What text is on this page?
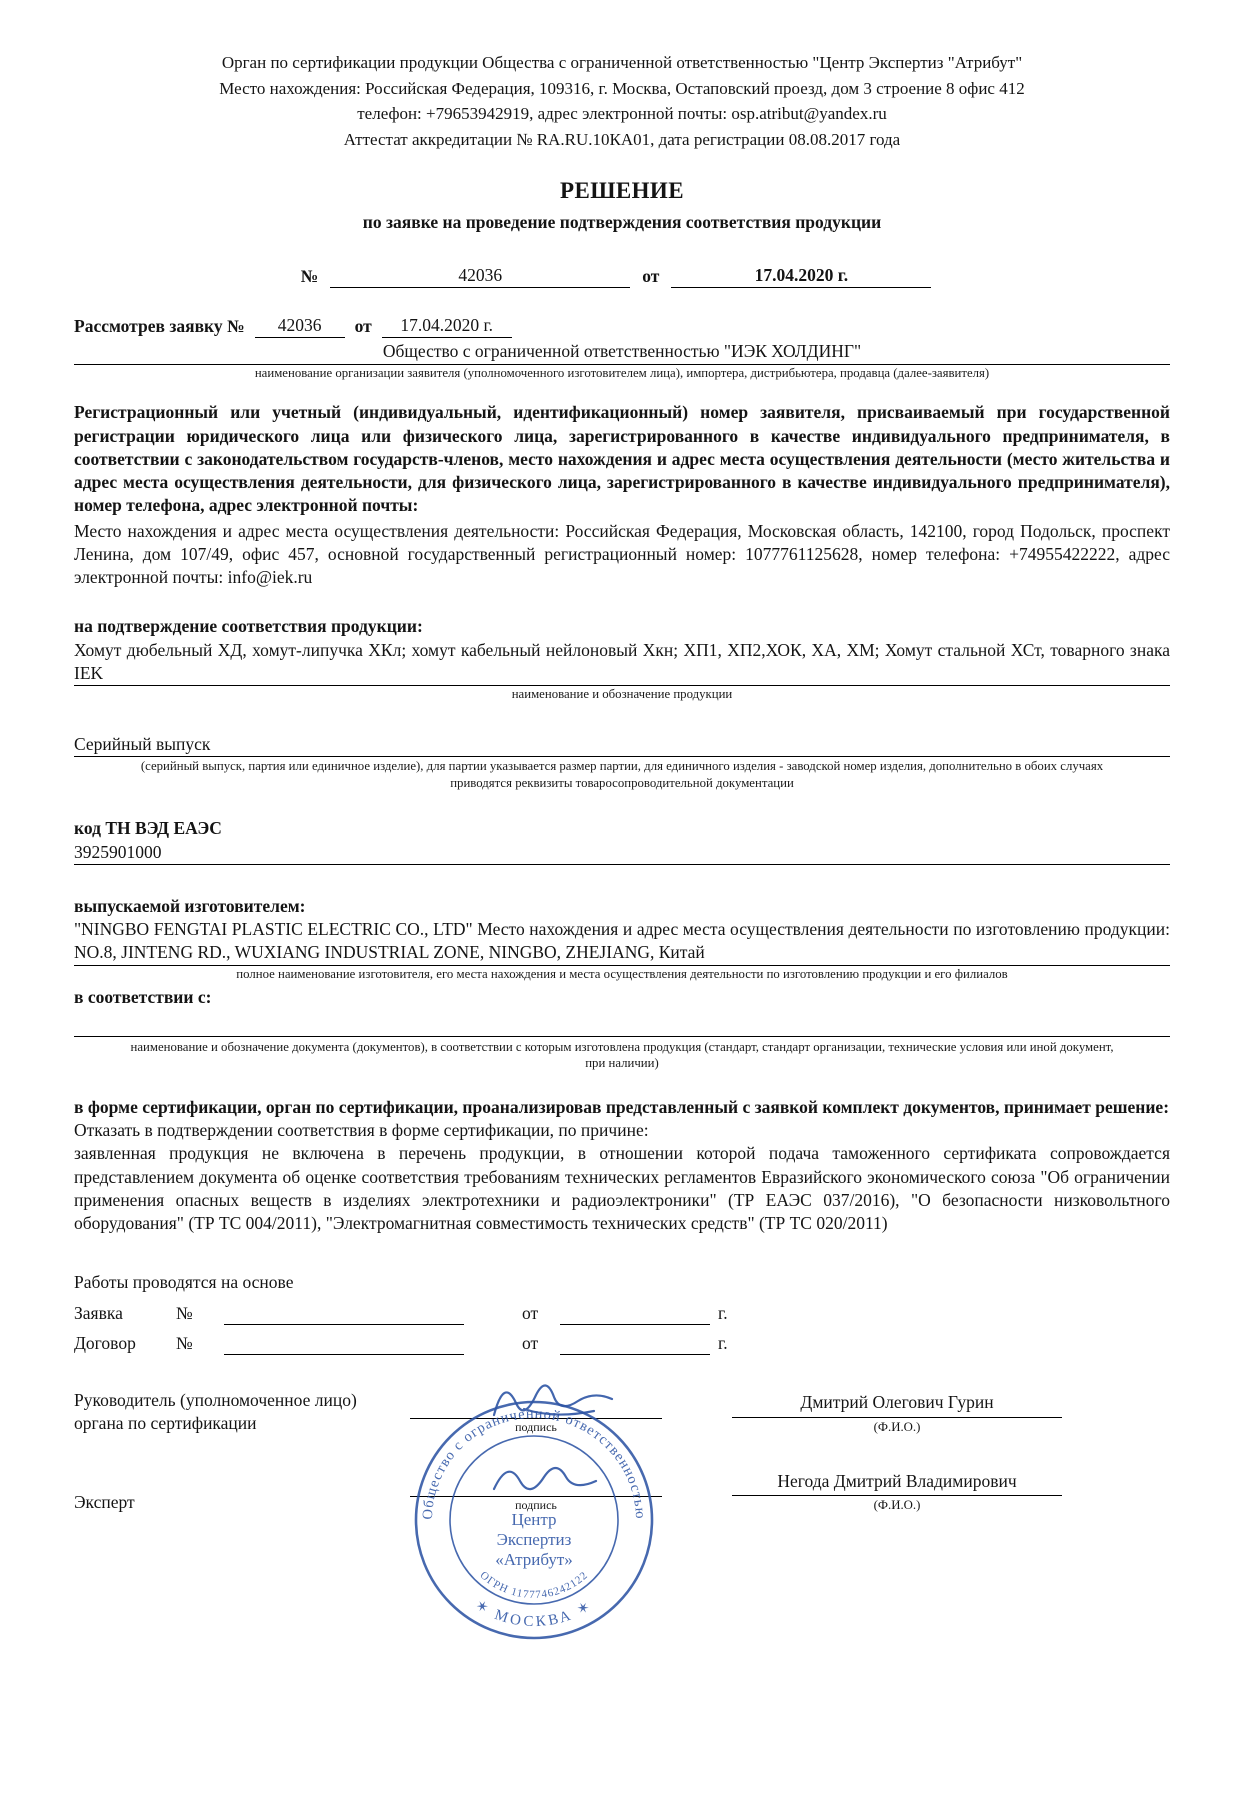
Орган по сертификации продукции Общества с ограниченной ответственностью "Центр Экспертиз "Атрибут"
Место нахождения: Российская Федерация, 109316, г. Москва, Остаповский проезд, дом 3 строение 8 офис 412
телефон: +79653942919, адрес электронной почты: osp.atribut@yandex.ru
Аттестат аккредитации № RA.RU.10КА01, дата регистрации 08.08.2017 года
РЕШЕНИЕ
по заявке на проведение подтверждения соответствия продукции
№	42036	от	17.04.2020 г.
Рассмотрев заявку №	42036	от	17.04.2020 г.
Общество с ограниченной ответственностью "ИЭК ХОЛДИНГ"
наименование организации заявителя (уполномоченного изготовителем лица), импортера, дистрибьютера, продавца (далее-заявителя)

Регистрационный или учетный (индивидуальный, идентификационный) номер заявителя, присваиваемый при государственной регистрации юридического лица или физического лица, зарегистрированного в качестве индивидуального предпринимателя, в соответствии с законодательством государств-членов, место нахождения и адрес места осуществления деятельности (место жительства и адрес места осуществления деятельности, для физического лица, зарегистрированного в качестве индивидуального предпринимателя), номер телефона, адрес электронной почты:

Место нахождения и адрес места осуществления деятельности: Российская Федерация, Московская область, 142100, город Подольск, проспект Ленина, дом 107/49, офис 457, основной государственный регистрационный номер: 1077761125628, номер телефона: +74955422222, адрес электронной почты: info@iek.ru

на подтверждение соответствия продукции:
Хомут дюбельный ХД, хомут-липучка ХКл; хомут кабельный нейлоновый Хкн; ХП1, ХП2,ХОК, ХА, ХМ; Хомут стальной ХСт, товарного знака IEK
наименование и обозначение продукции
Серийный выпуск
(серийный выпуск, партия или единичное изделие), для партии указывается размер партии, для единичного изделия - заводской номер изделия, дополнительно в обоих случаях приводятся реквизиты товаросопроводительной документации
код ТН ВЭД ЕАЭС
3925901000
выпускаемой изготовителем:
"NINGBO FENGTAI PLASTIC ELECTRIC CO., LTD" Место нахождения и адрес места осуществления деятельности по изготовлению продукции: NO.8, JINTENG RD., WUXIANG INDUSTRIAL ZONE, NINGBO, ZHEJIANG, Китай
полное наименование изготовителя, его места нахождения и места осуществления деятельности по изготовлению продукции и его филиалов
в соответствии с:
наименование и обозначение документа (документов), в соответствии с которым изготовлена продукция (стандарт, стандарт организации, технические условия или иной документ, при наличии)

в форме сертификации, орган по сертификации, проанализировав представленный с заявкой комплект документов, принимает решение:

Отказать в подтверждении соответствия в форме сертификации, по причине:

заявленная продукция не включена в перечень продукции, в отношении которой подача таможенного сертификата сопровождается представлением документа об оценке соответствия требованиям технических регламентов Евразийского экономического союза "Об ограничении применения опасных веществ в изделиях электротехники и радиоэлектроники" (ТР ЕАЭС 037/2016), "О безопасности низковольтного оборудования" (ТР ТС 004/2011), "Электромагнитная совместимость технических средств" (ТР ТС 020/2011)

Работы проводятся на основе
Заявка	№	от	г.
Договор	№	от	г.
Руководитель (уполномоченное лицо)
органа по сертификации	подпись
Дмитрий Олегович Гурин
(Ф.И.О.)
Эксперт	подпись
Негода Дмитрий Владимирович
(Ф.И.О.)
Общество с ограниченной ответственностью
✶ МОСКВА ✶
ОГРН 1177746242122
Центр
Экспертиз
«Атрибут»
